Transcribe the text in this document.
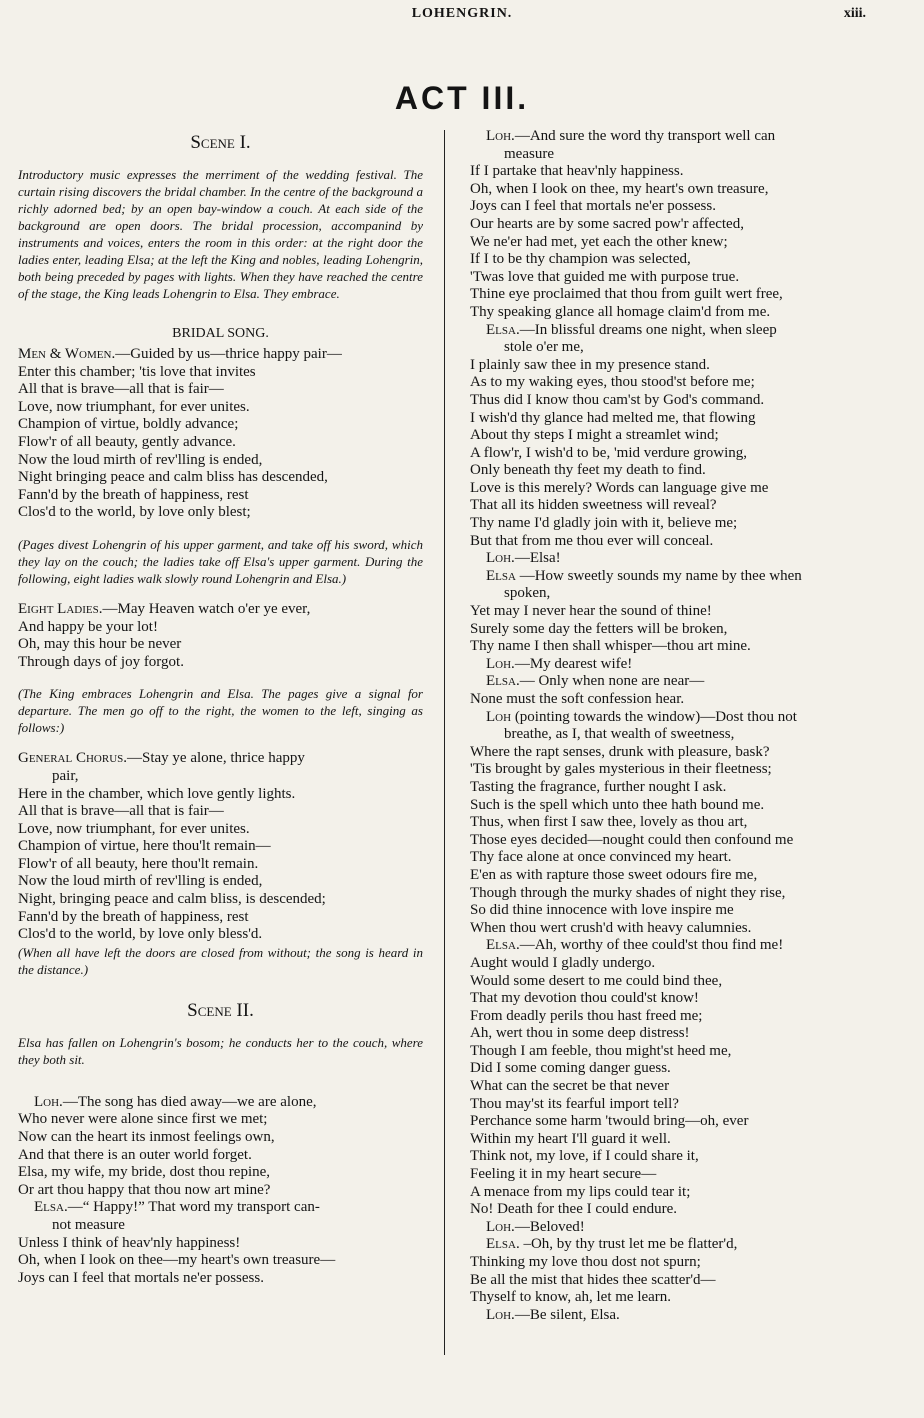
LOHENGRIN.	xiii.
ACT III.
Scene I.
Introductory music expresses the merriment of the wedding festival. The curtain rising discovers the bridal chamber. In the centre of the background a richly adorned bed; by an open bay-window a couch. At each side of the background are open doors. The bridal procession, accompanind by instruments and voices, enters the room in this order: at the right door the ladies enter, leading Elsa; at the left the King and nobles, leading Lohengrin, both being preceded by pages with lights. When they have reached the centre of the stage, the King leads Lohengrin to Elsa. They embrace.
BRIDAL SONG.
Men & Women.—Guided by us—thrice happy pair—
Enter this chamber; 'tis love that invites
All that is brave—all that is fair—
Love, now triumphant, for ever unites.
Champion of virtue, boldly advance;
Flow'r of all beauty, gently advance.
Now the loud mirth of rev'lling is ended,
Night bringing peace and calm bliss has descended,
Fann'd by the breath of happiness, rest
Clos'd to the world, by love only blest;
(Pages divest Lohengrin of his upper garment, and take off his sword, which they lay on the couch; the ladies take off Elsa's upper garment. During the following, eight ladies walk slowly round Lohengrin and Elsa.)
Eight Ladies.—May Heaven watch o'er ye ever,
And happy be your lot!
Oh, may this hour be never
Through days of joy forgot.
(The King embraces Lohengrin and Elsa. The pages give a signal for departure. The men go off to the right, the women to the left, singing as follows:)
General Chorus.—Stay ye alone, thrice happy
pair,
Here in the chamber, which love gently lights.
All that is brave—all that is fair—
Love, now triumphant, for ever unites.
Champion of virtue, here thou'lt remain—
Flow'r of all beauty, here thou'lt remain.
Now the loud mirth of rev'lling is ended,
Night, bringing peace and calm bliss, is descended;
Fann'd by the breath of happiness, rest
Clos'd to the world, by love only bless'd.
(When all have left the doors are closed from without; the song is heard in the distance.)
Scene II.
Elsa has fallen on Lohengrin's bosom; he conducts her to the couch, where they both sit.
Loh.—The song has died away—we are alone,
Who never were alone since first we met;
Now can the heart its inmost feelings own,
And that there is an outer world forget.
Elsa, my wife, my bride, dost thou repine,
Or art thou happy that thou now art mine?
Elsa.—“ Happy!” That word my transport can-
not measure
Unless I think of heav'nly happiness!
Oh, when I look on thee—my heart's own treasure—
Joys can I feel that mortals ne'er possess.
Loh.—And sure the word thy transport well can
measure
If I partake that heav'nly happiness.
Oh, when I look on thee, my heart's own treasure,
Joys can I feel that mortals ne'er possess.
Our hearts are by some sacred pow'r affected,
We ne'er had met, yet each the other knew;
If I to be thy champion was selected,
'Twas love that guided me with purpose true.
Thine eye proclaimed that thou from guilt wert free,
Thy speaking glance all homage claim'd from me.
Elsa.—In blissful dreams one night, when sleep
stole o'er me,
I plainly saw thee in my presence stand.
As to my waking eyes, thou stood'st before me;
Thus did I know thou cam'st by God's command.
I wish'd thy glance had melted me, that flowing
About thy steps I might a streamlet wind;
A flow'r, I wish'd to be, 'mid verdure growing,
Only beneath thy feet my death to find.
Love is this merely? Words can language give me
That all its hidden sweetness will reveal?
Thy name I'd gladly join with it, believe me;
But that from me thou ever will conceal.
Loh.—Elsa!
Elsa —How sweetly sounds my name by thee when
spoken,
Yet may I never hear the sound of thine!
Surely some day the fetters will be broken,
Thy name I then shall whisper—thou art mine.
Loh.—My dearest wife!
Elsa.— Only when none are near—
None must the soft confession hear.
Loh (pointing towards the window)—Dost thou not
breathe, as I, that wealth of sweetness,
Where the rapt senses, drunk with pleasure, bask?
'Tis brought by gales mysterious in their fleetness;
Tasting the fragrance, further nought I ask.
Such is the spell which unto thee hath bound me.
Thus, when first I saw thee, lovely as thou art,
Those eyes decided—nought could then confound me
Thy face alone at once convinced my heart.
E'en as with rapture those sweet odours fire me,
Though through the murky shades of night they rise,
So did thine innocence with love inspire me
When thou wert crush'd with heavy calumnies.
Elsa.—Ah, worthy of thee could'st thou find me!
Aught would I gladly undergo.
Would some desert to me could bind thee,
That my devotion thou could'st know!
From deadly perils thou hast freed me;
Ah, wert thou in some deep distress!
Though I am feeble, thou might'st heed me,
Did I some coming danger guess.
What can the secret be that never
Thou may'st its fearful import tell?
Perchance some harm 'twould bring—oh, ever
Within my heart I'll guard it well.
Think not, my love, if I could share it,
Feeling it in my heart secure—
A menace from my lips could tear it;
No! Death for thee I could endure.
Loh.—Beloved!
Elsa. –Oh, by thy trust let me be flatter'd,
Thinking my love thou dost not spurn;
Be all the mist that hides thee scatter'd—
Thyself to know, ah, let me learn.
Loh.—Be silent, Elsa.
